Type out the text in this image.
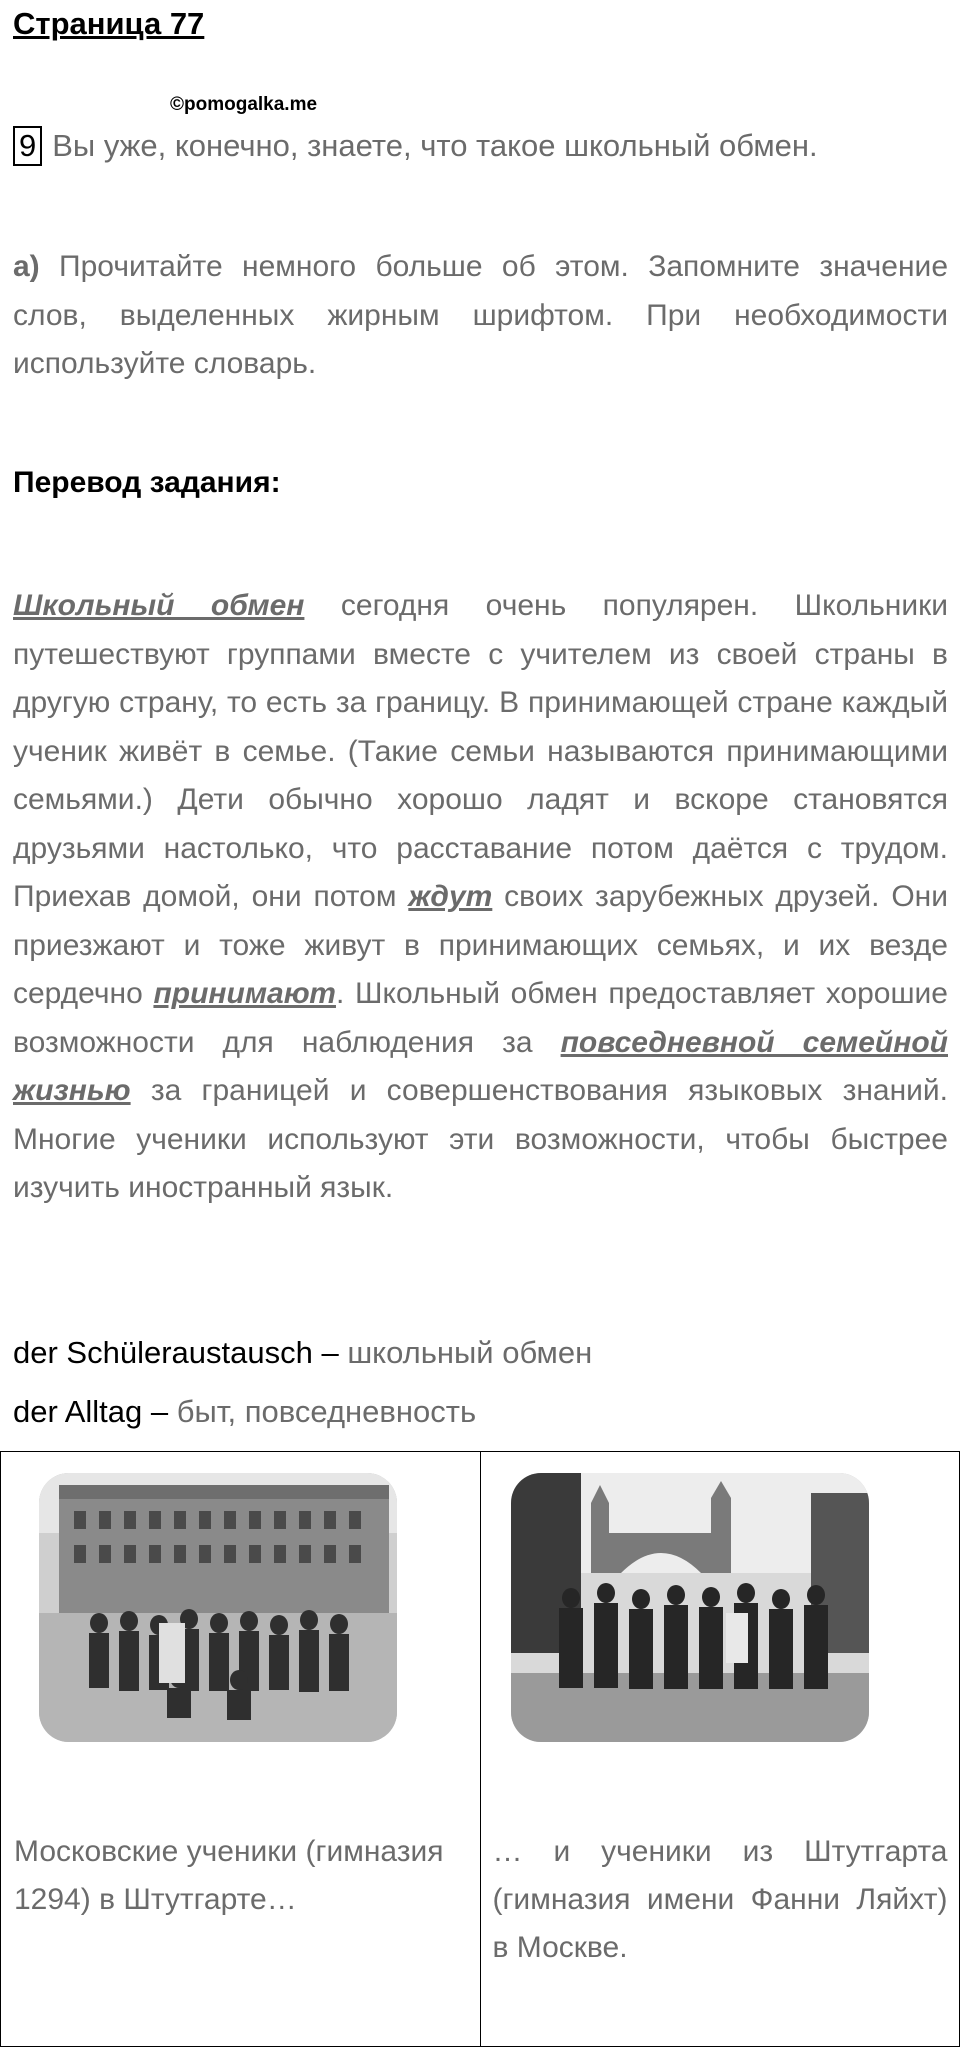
Страница 77
©pomogalka.me
9 Вы уже, конечно, знаете, что такое школьный обмен.
а) Прочитайте немного больше об этом. Запомните значение слов, выделенных жирным шрифтом. При необходимости используйте словарь.
Перевод задания:
Школьный обмен сегодня очень популярен. Школьники путешествуют группами вместе с учителем из своей страны в другую страну, то есть за границу. В принимающей стране каждый ученик живёт в семье. (Такие семьи называются принимающими семьями.) Дети обычно хорошо ладят и вскоре становятся друзьями настолько, что расставание потом даётся с трудом. Приехав домой, они потом ждут своих зарубежных друзей. Они приезжают и тоже живут в принимающих семьях, и их везде сердечно принимают. Школьный обмен предоставляет хорошие возможности для наблюдения за повседневной семейной жизнью за границей и совершенствования языковых знаний. Многие ученики используют эти возможности, чтобы быстрее изучить иностранный язык.
der Schüleraustausch – школьный обмен
der Alltag – быт, повседневность
Московские ученики (гимназия 1294) в Штутгарте…

… и ученики из Штутгарта (гимназия имени Фанни Ляйхт) в Москве.
